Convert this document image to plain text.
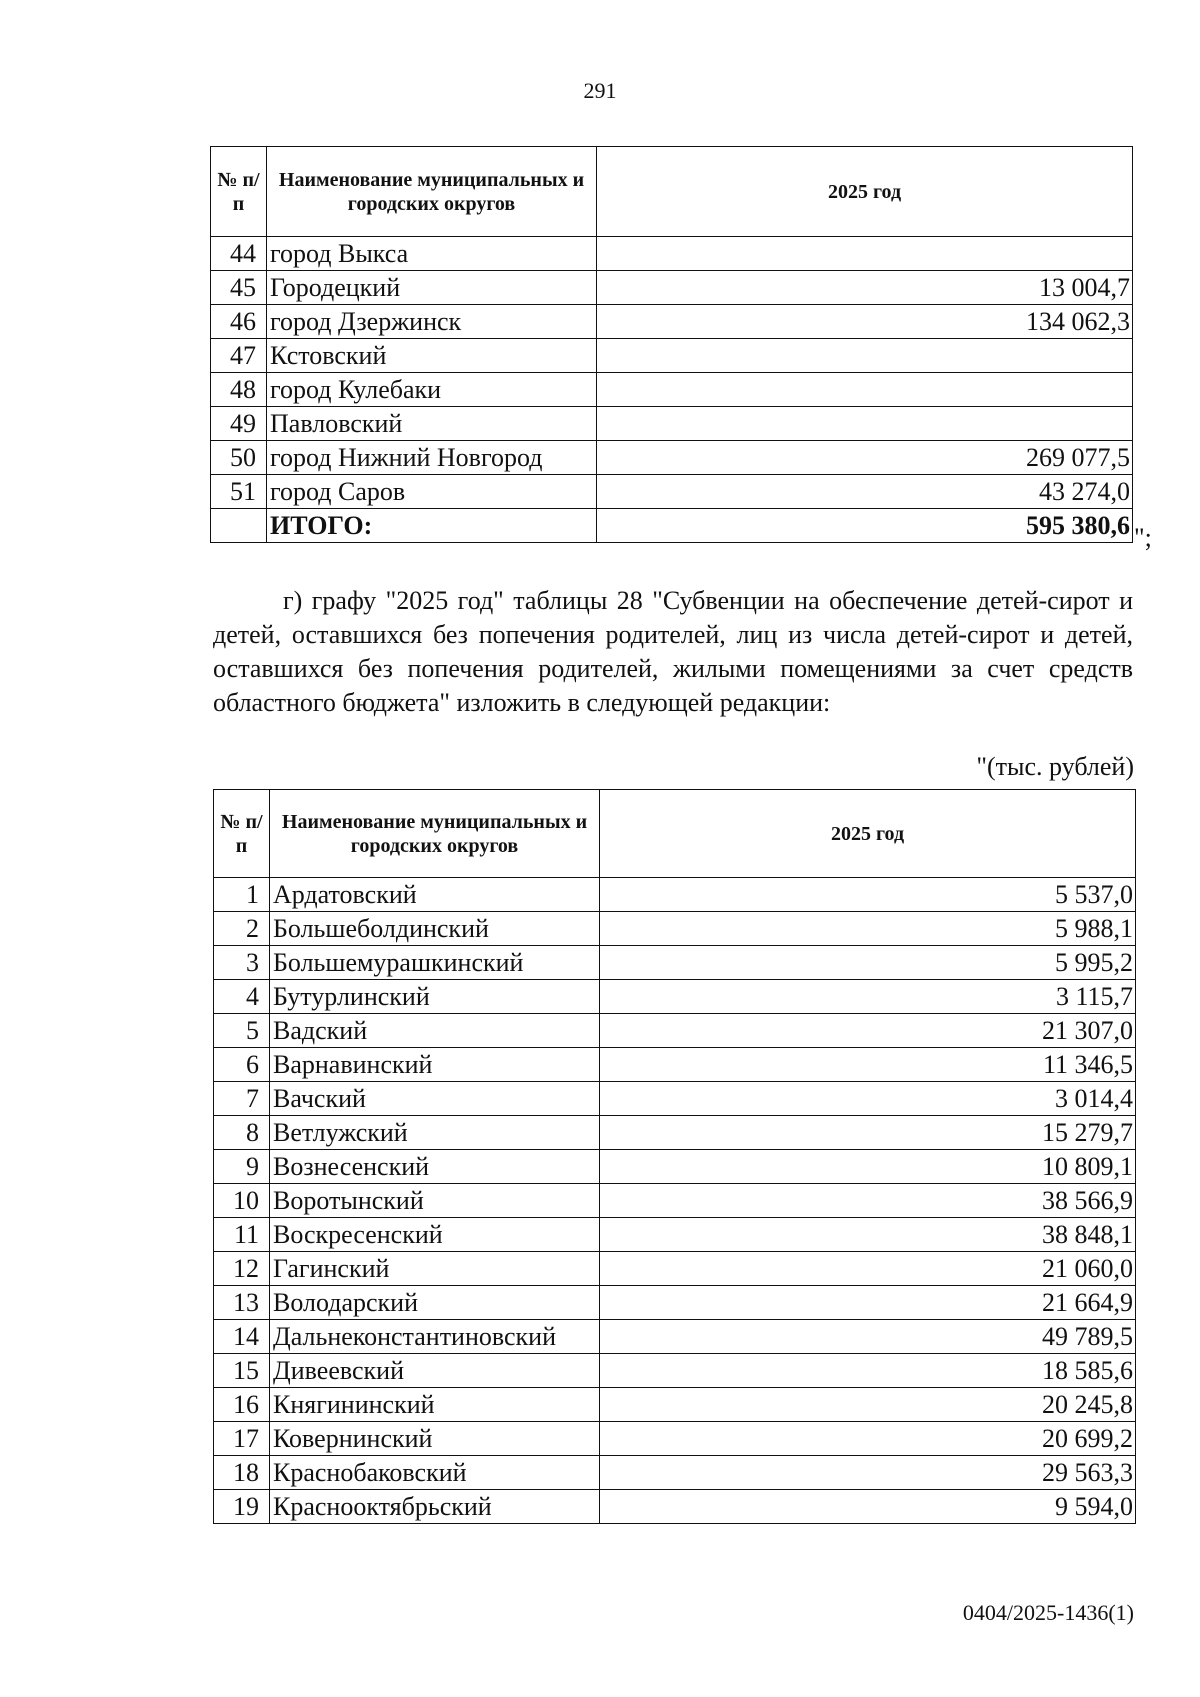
291
№ п/п	Наименование муниципальных и городских округов	2025 год
44	город Выкса	
45	Городецкий	13 004,7
46	город Дзержинск	134 062,3
47	Кстовский	
48	город Кулебаки	
49	Павловский	
50	город Нижний Новгород	269 077,5
51	город Саров	43 274,0
	ИТОГО:	595 380,6 ";
г) графу "2025 год" таблицы 28 "Субвенции на обеспечение детей-сирот и детей, оставшихся без попечения родителей, лиц из числа детей-сирот и детей, оставшихся без попечения родителей, жилыми помещениями за счет средств областного бюджета" изложить в следующей редакции:
"(тыс. рублей)
№ п/п	Наименование муниципальных и городских округов	2025 год
1	Ардатовский	5 537,0
2	Большеболдинский	5 988,1
3	Большемурашкинский	5 995,2
4	Бутурлинский	3 115,7
5	Вадский	21 307,0
6	Варнавинский	11 346,5
7	Вачский	3 014,4
8	Ветлужский	15 279,7
9	Вознесенский	10 809,1
10	Воротынский	38 566,9
11	Воскресенский	38 848,1
12	Гагинский	21 060,0
13	Володарский	21 664,9
14	Дальнеконстантиновский	49 789,5
15	Дивеевский	18 585,6
16	Княгининский	20 245,8
17	Ковернинский	20 699,2
18	Краснобаковский	29 563,3
19	Краснооктябрьский	9 594,0
0404/2025-1436(1)
